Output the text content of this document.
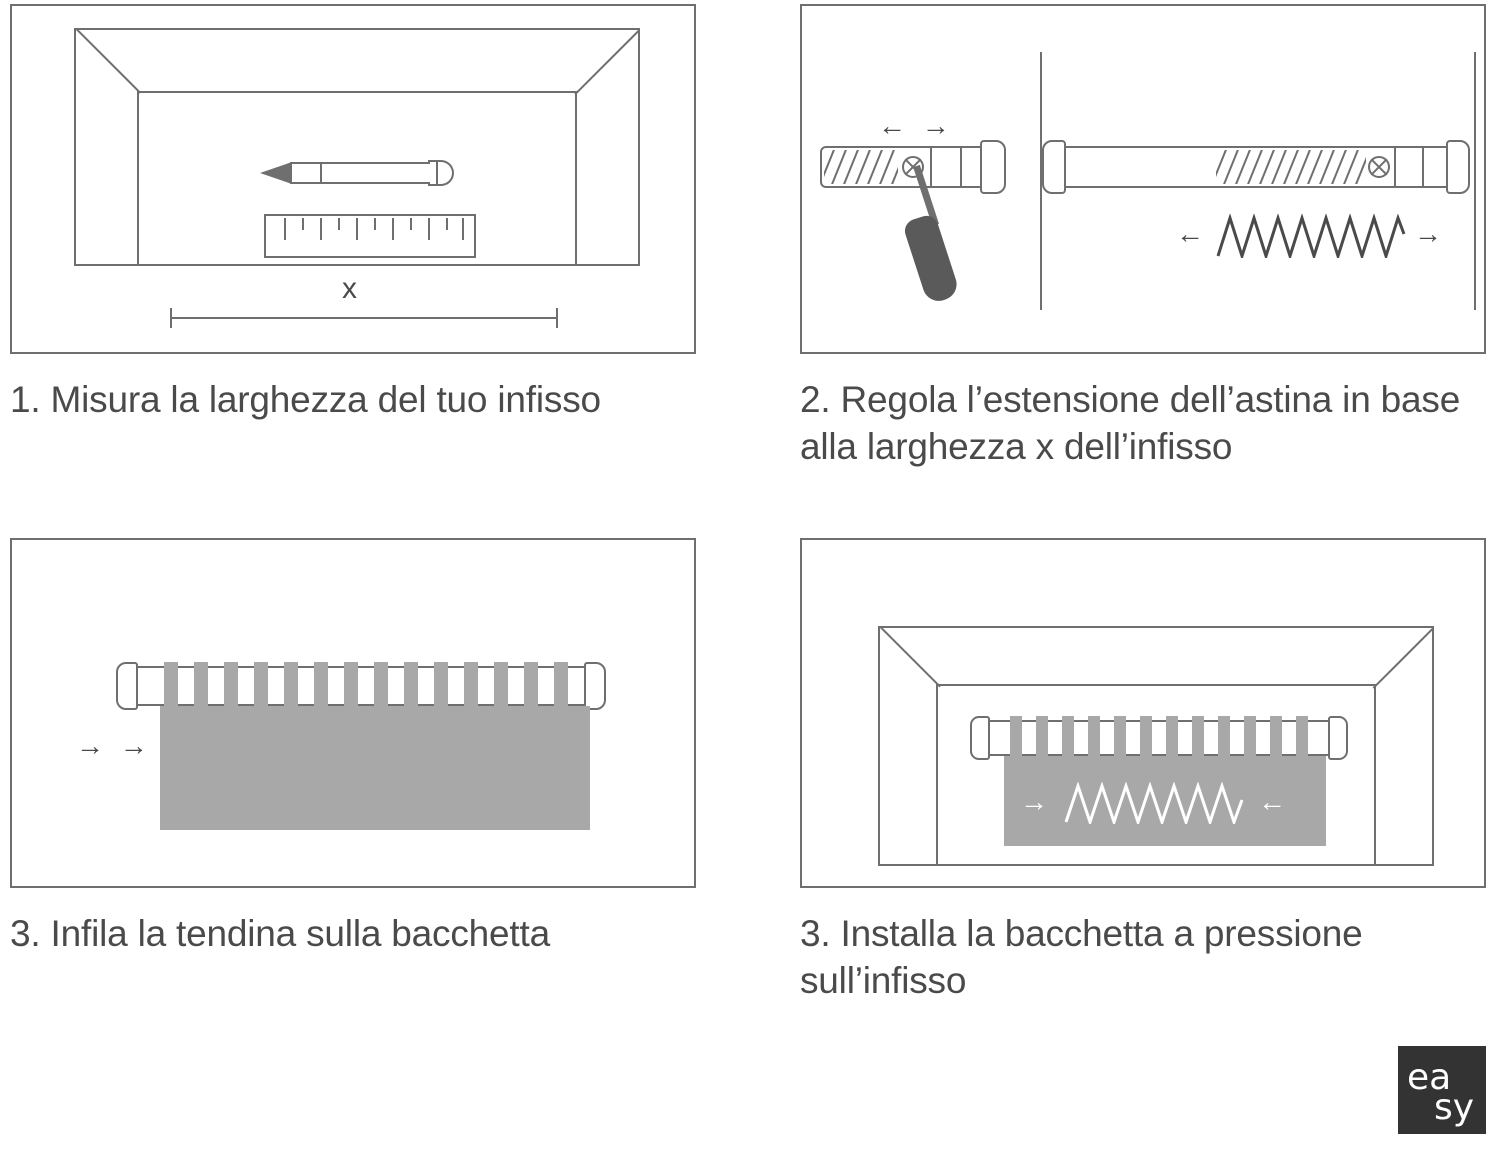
x
1. Misura la larghezza del tuo infisso
← →
←	→
2. Regola l’estensione dell’astina in base alla larghezza x dell’infisso
→ →
3. Infila la tendina sulla bacchetta
→	←
3. Installa la bacchetta a pressione sull’infisso
ea
sy
